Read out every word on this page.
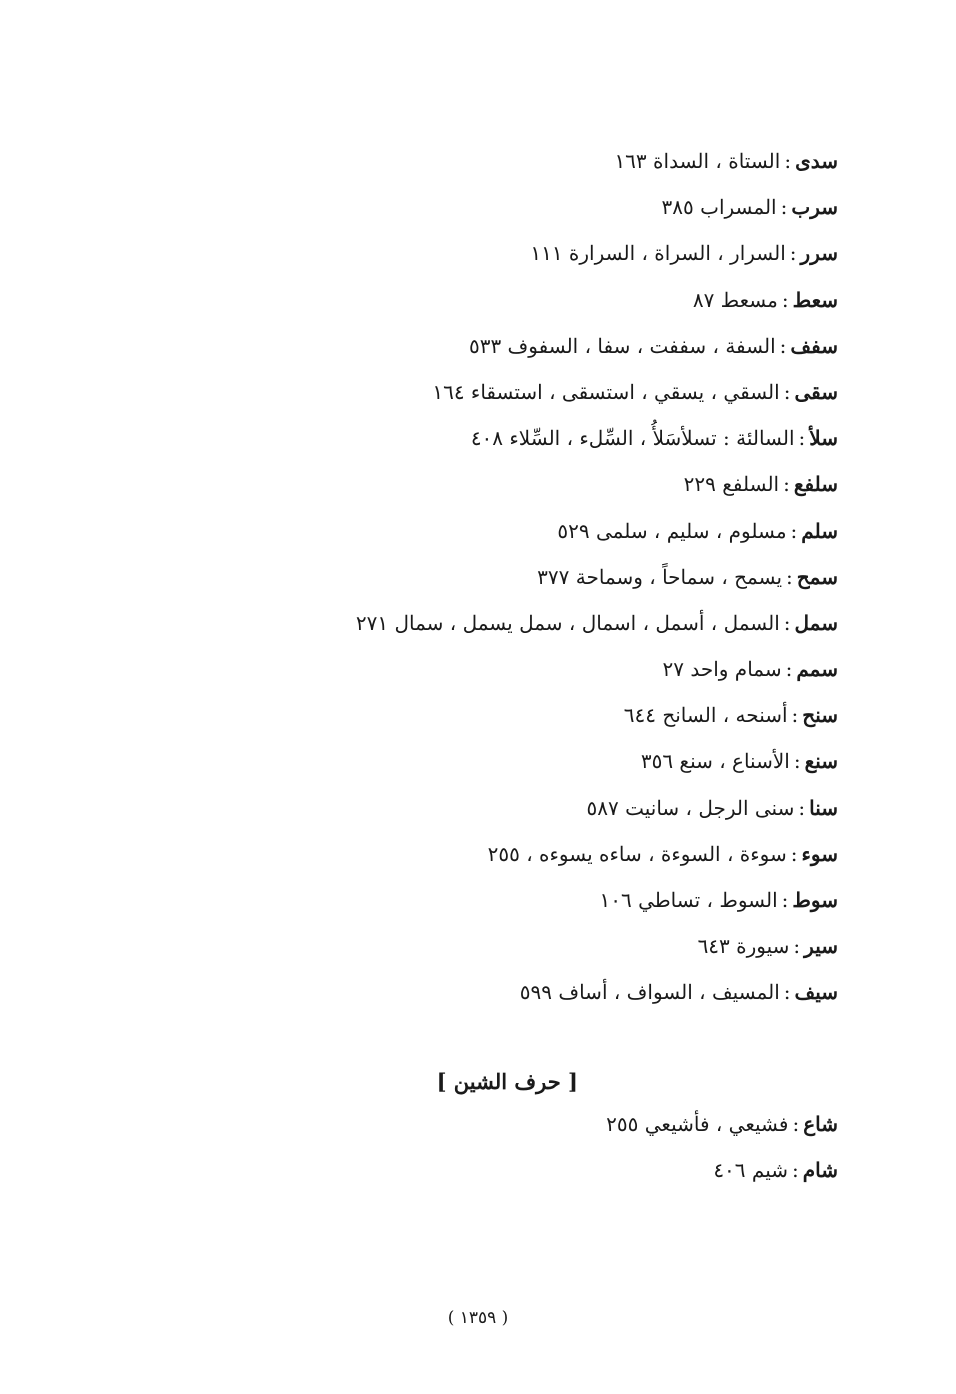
سدى:الستاة ، السداة ١٦٣
سرب:المسراب ٣٨٥
سرر:السرار ، السراة ، السرارة ١١١
سعط:مسعط ٨٧
سفف:السفة ، سففت ، سفا ، السفوف ٥٣٣
سقى:السقي ، يسقي ، استسقى ، استسقاء ١٦٤
سلأ:السالئة : تسلأسَلأُ ، السِّلء ، السِّلاء ٤٠٨
سلفع:السلفع ٢٢٩
سلم:مسلوم ، سليم ، سلمى ٥٢٩
سمح:يسمح ، سماحاً ، وسماحة ٣٧٧
سمل:السمل ، أسمل ، اسمال ، سمل يسمل ، سمال ٢٧١
سمم:سمام واحد ٢٧
سنح:أسنحه ، السانح ٦٤٤
سنع:الأسناع ، سنع ٣٥٦
سنا:سنى الرجل ، سانيت ٥٨٧
سوء:سوءة ، السوءة ، ساءه يسوءه ، ٢٥٥
سوط:السوط ، تساطي ١٠٦
سير:سيورة ٦٤٣
سيف:المسيف ، السواف ، أساف ٥٩٩
[ حرف الشين ]
شاع:فشيعي ، فأشيعي ٢٥٥
شام:شيم ٤٠٦
( ١٣٥٩ )
